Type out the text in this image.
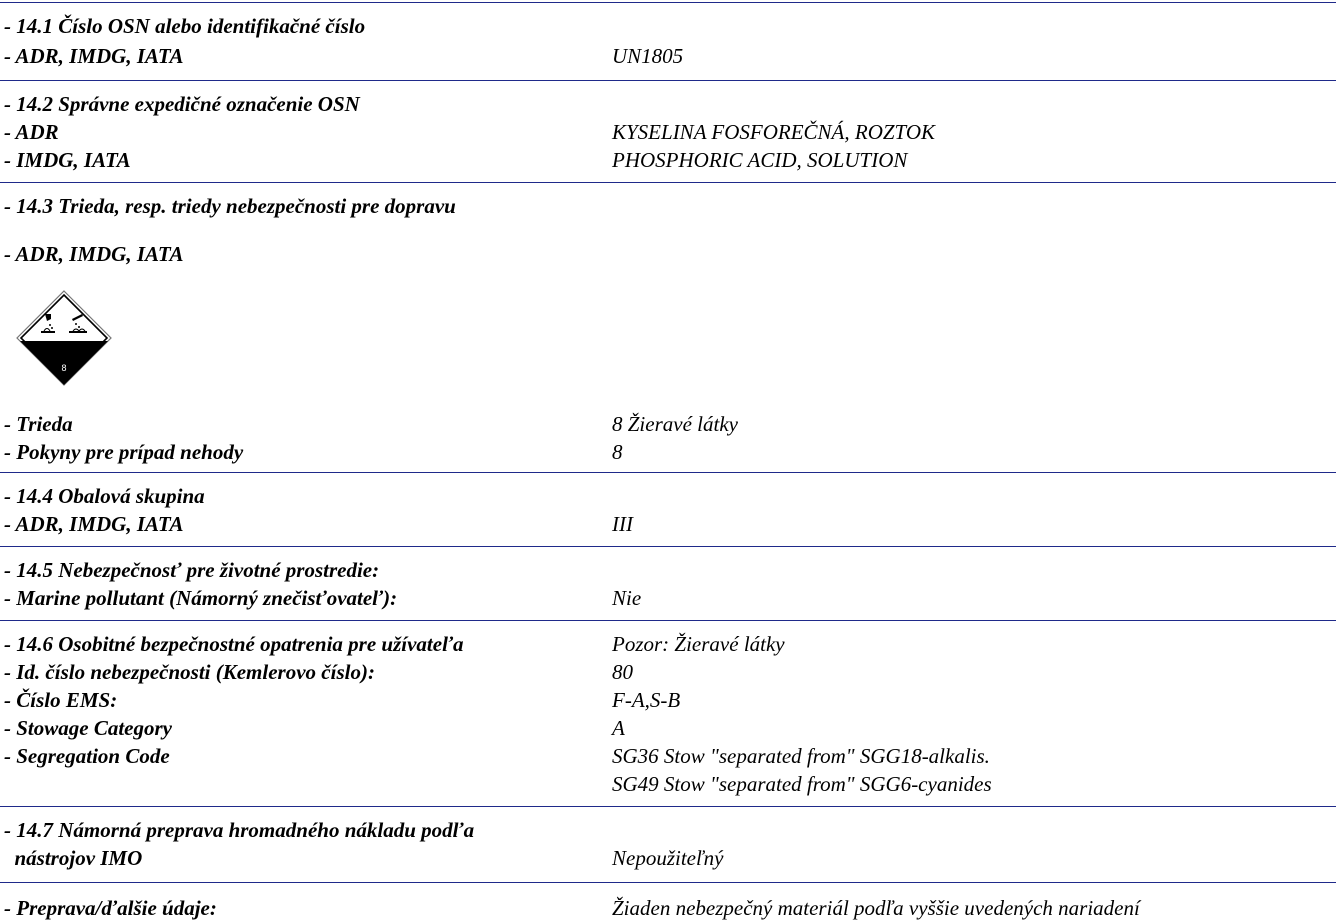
- 14.1 Číslo OSN alebo identifikačné číslo
- ADR, IMDG, IATA	UN1805
- 14.2 Správne expedičné označenie OSN
- ADR	KYSELINA FOSFOREČNÁ, ROZTOK
- IMDG, IATA	PHOSPHORIC ACID, SOLUTION
- 14.3 Trieda, resp. triedy nebezpečnosti pre dopravu
- ADR, IMDG, IATA
8
- Trieda	8 Žieravé látky
- Pokyny pre prípad nehody	8
- 14.4 Obalová skupina
- ADR, IMDG, IATA	III
- 14.5 Nebezpečnosť pre životné prostredie:
- Marine pollutant (Námorný znečisťovateľ):	Nie
- 14.6 Osobitné bezpečnostné opatrenia pre užívateľa	Pozor: Žieravé látky
- Id. číslo nebezpečnosti (Kemlerovo číslo):	80
- Číslo EMS:	F-A,S-B
- Stowage Category	A
- Segregation Code	SG36 Stow "separated from" SGG18-alkalis.
SG49 Stow "separated from" SGG6-cyanides
- 14.7 Námorná preprava hromadného nákladu podľa
nástrojov IMO	Nepoužiteľný
- Preprava/ďalšie údaje:	Žiaden nebezpečný materiál podľa vyššie uvedených nariadení
